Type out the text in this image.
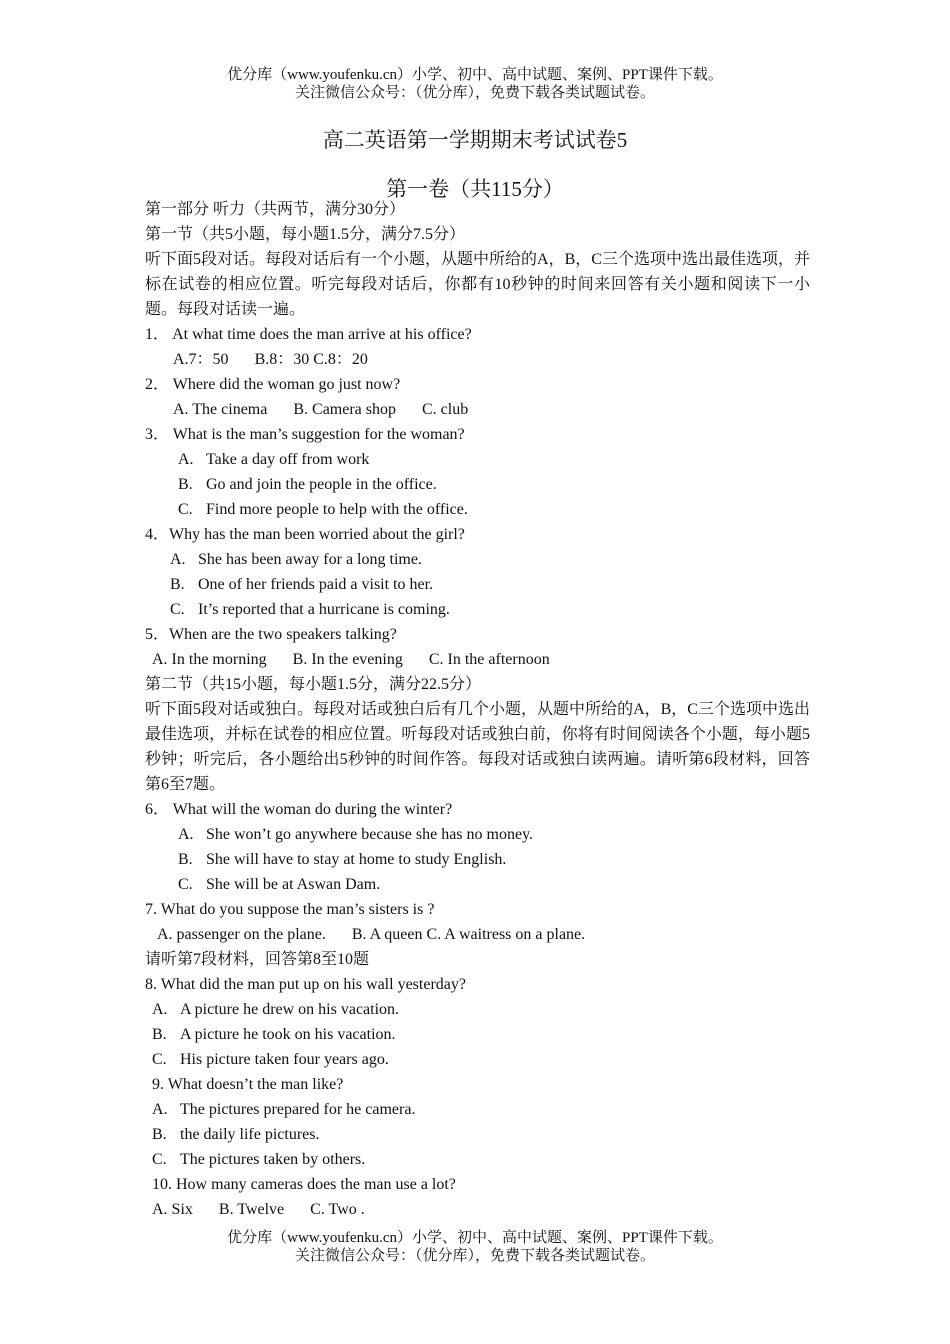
优分库（www.youfenku.cn）小学、初中、高中试题、案例、PPT课件下载。
关注微信公众号：（优分库），免费下载各类试题试卷。
高二英语第一学期期末考试试卷5
第一卷（共115分）
第一部分 听力（共两节，满分30分）
第一节（共5小题，每小题1.5分，满分7.5分）
听下面5段对话。每段对话后有一个小题，从题中所给的A，B，C三个选项中选出最佳选项，并标在试卷的相应位置。听完每段对话后，你都有10秒钟的时间来回答有关小题和阅读下一小题。每段对话读一遍。
1． At what time does the man arrive at his office?
A.7：50 B.8：30 C.8：20
2． Where did the woman go just now?
A. The cinema B. Camera shop C. club
3． What is the man’s suggestion for the woman?
A. Take a day off from work
B. Go and join the people in the office.
C. Find more people to help with the office.
4．Why has the man been worried about the girl?
A. She has been away for a long time.
B. One of her friends paid a visit to her.
C. It’s reported that a hurricane is coming.
5．When are the two speakers talking?
A. In the morning B. In the evening C. In the afternoon
第二节（共15小题，每小题1.5分，满分22.5分）
听下面5段对话或独白。每段对话或独白后有几个小题，从题中所给的A，B，C三个选项中选出最佳选项，并标在试卷的相应位置。听每段对话或独白前，你将有时间阅读各个小题，每小题5秒钟；听完后，各小题给出5秒钟的时间作答。每段对话或独白读两遍。请听第6段材料，回答第6至7题。
6． What will the woman do during the winter?
A. She won’t go anywhere because she has no money.
B. She will have to stay at home to study English.
C. She will be at Aswan Dam.
7. What do you suppose the man’s sisters is ?
A. passenger on the plane. B. A queen C. A waitress on a plane.
请听第7段材料，回答第8至10题
8. What did the man put up on his wall yesterday?
A. A picture he drew on his vacation.
B. A picture he took on his vacation.
C. His picture taken four years ago.
9. What doesn’t the man like?
A. The pictures prepared for he camera.
B. the daily life pictures.
C. The pictures taken by others.
10. How many cameras does the man use a lot?
A. Six B. Twelve C. Two .
优分库（www.youfenku.cn）小学、初中、高中试题、案例、PPT课件下载。
关注微信公众号：（优分库），免费下载各类试题试卷。
